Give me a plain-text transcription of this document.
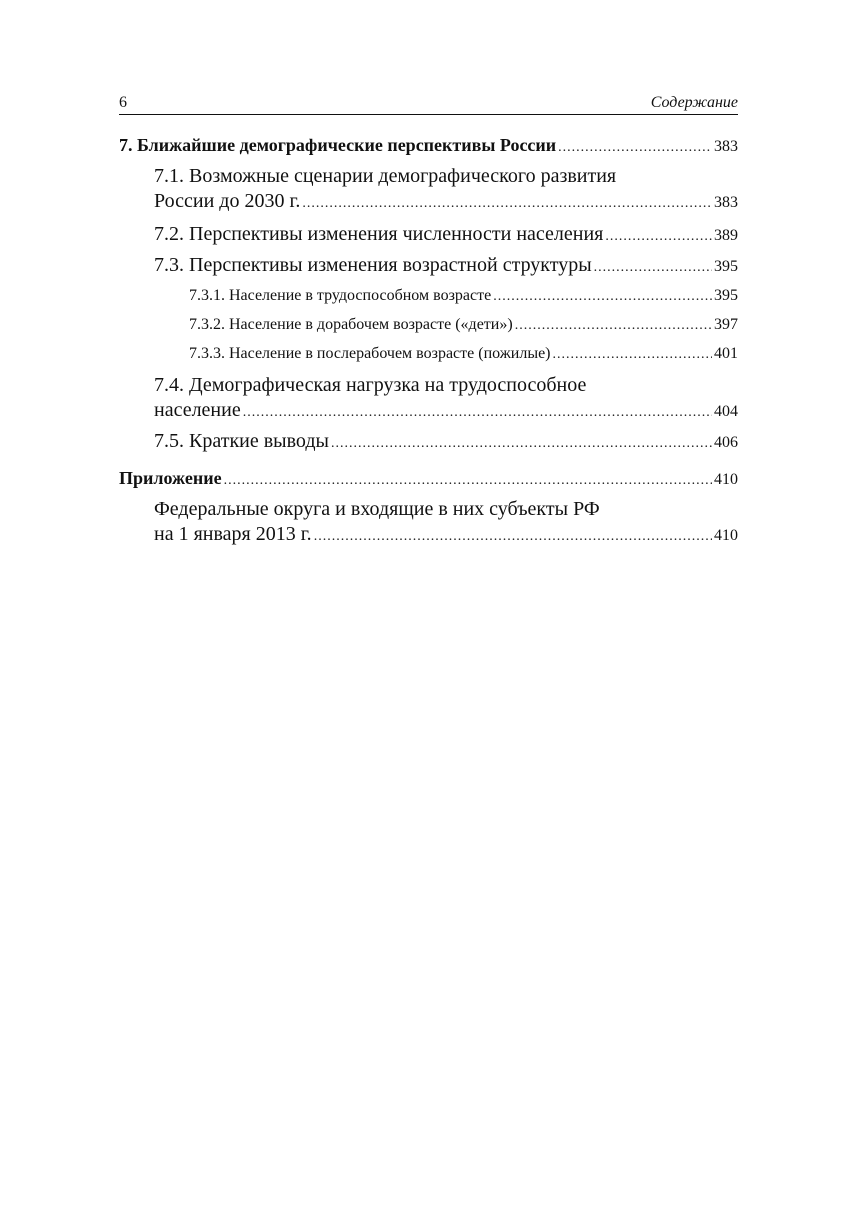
6	Содержание
7. Ближайшие демографические перспективы России .....	383
7.1. Возможные сценарии демографического развития
России до 2030 г. .....	383
7.2. Перспективы изменения численности населения .....	389
7.3. Перспективы изменения возрастной структуры .....	395
7.3.1. Население в трудоспособном возрасте .....	395
7.3.2. Население в дорабочем возрасте («дети») .....	397
7.3.3. Население в послерабочем возрасте (пожилые) .....	401
7.4. Демографическая нагрузка на трудоспособное
население .....	404
7.5. Краткие выводы .....	406
Приложение .....	410
Федеральные округа и входящие в них субъекты РФ
на 1 января 2013 г. .....	410
